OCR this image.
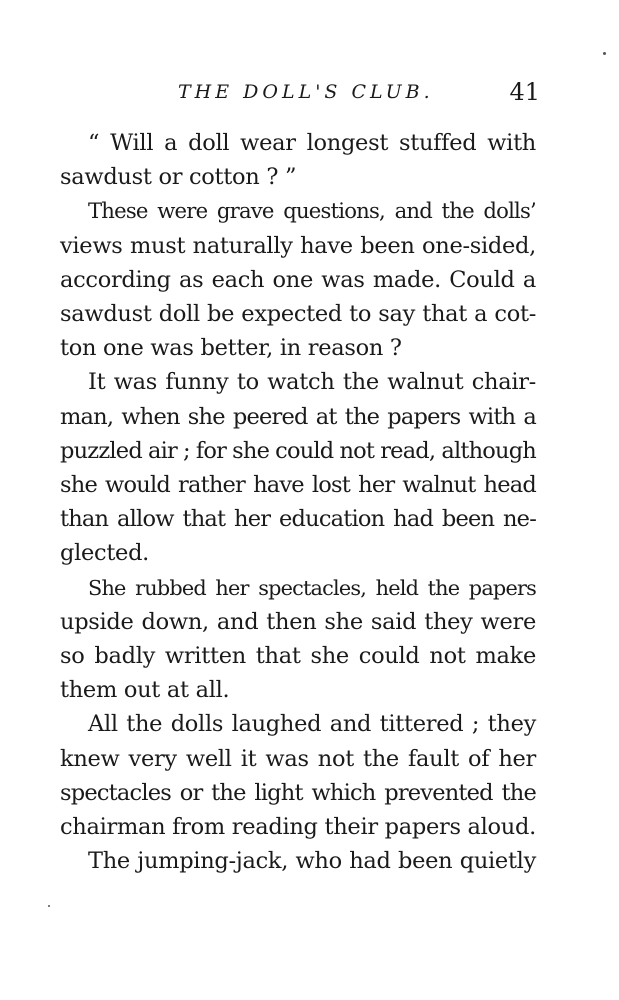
THE DOLL'S CLUB.	41

“ Will a doll wear longest stuffed with
sawdust or cotton ? ”

These were grave questions, and the dolls’
views must naturally have been one-sided,
according as each one was made. Could a
sawdust doll be expected to say that a cot-
ton one was better, in reason ?

It was funny to watch the walnut chair-
man, when she peered at the papers with a
puzzled air ; for she could not read, although
she would rather have lost her walnut head
than allow that her education had been ne-
glected.

She rubbed her spectacles, held the papers
upside down, and then she said they were
so badly written that she could not make
them out at all.

All the dolls laughed and tittered ; they
knew very well it was not the fault of her
spectacles or the light which prevented the
chairman from reading their papers aloud.

The jumping-jack, who had been quietly
